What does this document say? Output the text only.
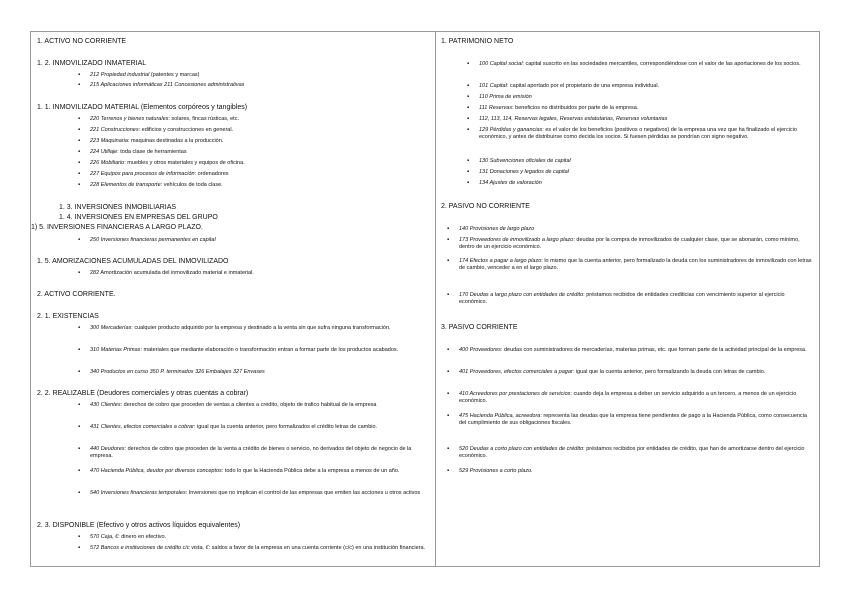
1. ACTIVO NO CORRIENTE
1. 2. INMOVILIZADO INMATERIAL
▪ 212 Propiedad industrial (patentes y marcas)
▪ 215 Aplicaciones informáticas 211 Concesiones administrativas
1. 1. INMOVILIZADO MATERIAL (Elementos corpóreos y tangibles)
▪ 220 Terrenos y bienes naturales: solares, fincas rústicas, etc.
▪ 221 Construcciones: edificios y construcciones en general.
▪ 223 Maquinaria: maquinas destinadas a la producción.
▪ 224 Utillaje: toda clase de herramientas
▪ 226 Mobiliario: muebles y otros materiales y equipos de oficina.
▪ 227 Equipos para procesos de información: ordenadores
▪ 228 Elementos de transporte: vehículos de toda clase.
1. 3. INVERSIONES INMOBILIARIAS
1. 4. INVERSIONES EN EMPRESAS DEL GRUPO
1) 5. INVERSIONES FINANCIERAS A LARGO PLAZO.
▪ 250 Inversiones financieras permanentes en capital
1. 5. AMORIZACIONES ACUMULADAS DEL INMOVILIZADO
▪ 282 Amortización acumulada del inmovilizado material e inmaterial.
2. ACTIVO CORRIENTE.
2. 1. EXISTENCIAS
▪ 300 Mercaderías: cualquier producto adquirido por la empresa y destinado a la venta sin que sufra ninguna transformación.
▪ 310 Materias Primas: materiales que mediante elaboración o transformación entran a formar parte de los productos acabados.
▪ 340 Productos en curso 350 P. terminados 326 Embalajes 327 Envases
2. 2. REALIZABLE (Deudores comerciales y otras cuentas a cobrar)
▪ 430 Clientes: derechos de cobro que proceden de ventas a clientes a crédito, objeto de trafico habitual de la empresa
▪ 431 Clientes, efectos comerciales a cobrar: igual que la cuenta anterior, pero formalizados el crédito letras de cambio.
▪ 440 Deudores: derechos de cobro que proceden de la venta a crédito de bienes o servicio, no derivados del objeto de negocio de la empresa.
▪ 470 Hacienda Pública, deudor por diversos conceptos: todo lo que la Hacienda Pública debe a la empresa a menos de un año.
▪ 540 Inversiones financieras temporales: Inversiones que no implican el control de las empresas que emiten las acciones u otros activos
2. 3. DISPONIBLE (Efectivo y otros activos líquidos equivalentes)
▪ 570 Caja, €: dinero en efectivo.
▪ 572 Bancos e instituciones de crédito c/c vista, €: saldos a favor de la empresa en una cuenta corriente (c/c) en una institución financiera.
1. PATRIMONIO NETO
▪ 100 Capital social: capital suscrito en las sociedades mercantiles, correspondiéndose con el valor de las aportaciones de los socios.
▪ 101 Capital: capital aportado por el propietario de una empresa individual.
▪ 110 Prima de emisión
▪ 111 Reservas: beneficios no distribuidos por parte de la empresa.
▪ 112, 113, 114, Reservas legales, Reservas estatutarias, Reservas voluntarias
▪ 129 Pérdidas y ganancias: es el valor de los beneficios (positivos o negativos) de la empresa una vez que ha finalizado el ejercicio económico, y antes de distribuirse como decida los socios. Si fuesen pérdidas se pondrían con signo negativo.
▪ 130 Subvenciones oficiales de capital
▪ 131 Donaciones y legados de capital
▪ 134 Ajustes de valoración
2. PASIVO NO CORRIENTE
▪ 140 Provisiones de largo plazo
▪ 173 Proveedores de inmovilizado a largo plazo: deudas por la compra de inmovilizados de cualquier clase, que se abonarán, como mínimo, dentro de un ejercicio económico.
▪ 174 Efectos a pagar a largo plazo: lo mismo que la cuenta anterior, pero formalizado la deuda con los suministradores de inmovilizado con letras de cambio, venceder a en el largo plazo.
▪ 170 Deudas a largo plazo con entidades de crédito: préstamos recibidos de entidades crediticias con vencimiento superior al ejercicio económico.
3. PASIVO CORRIENTE
▪ 400 Proveedores: deudas con suministradores de mercaderías, materias primas, etc. que forman parte de la actividad principal de la empresa.
▪ 401 Proveedores, efectos comerciales a pagar: igual que la cuenta anterior, pero formalizando la deuda con letras de cambio.
▪ 410 Acreedores por prestaciones de servicios: cuando deja la empresa a deber un servicio adquirido a un tercero, a menos de un ejercicio económico.
▪ 475 Hacienda Pública, acreedora: representa las deudas que la empresa tiene pendientes de pago a la Hacienda Pública, como consecuencia del cumplimiento de sus obligaciones fiscales.
▪ 520 Deudas a corto plazo con entidades de crédito: préstamos recibidos por entidades de crédito, que han de amortizarse dentro del ejercicio económico.
▪ 529 Provisiones a corto plazo.
